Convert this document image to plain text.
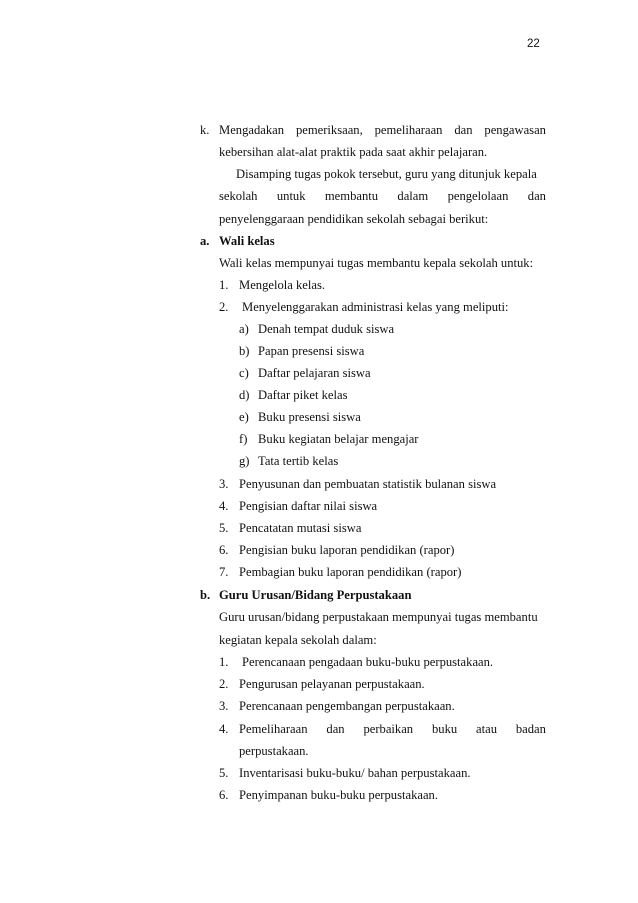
22
k. Mengadakan pemeriksaan, pemeliharaan dan pengawasan
kebersihan alat-alat praktik pada saat akhir pelajaran.
Disamping tugas pokok tersebut, guru yang ditunjuk kepala
sekolah untuk membantu dalam pengelolaan dan
penyelenggaraan pendidikan sekolah sebagai berikut:
a. Wali kelas
Wali kelas mempunyai tugas membantu kepala sekolah untuk:
1. Mengelola kelas.
2. Menyelenggarakan administrasi kelas yang meliputi:
a) Denah tempat duduk siswa
b) Papan presensi siswa
c) Daftar pelajaran siswa
d) Daftar piket kelas
e) Buku presensi siswa
f) Buku kegiatan belajar mengajar
g) Tata tertib kelas
3. Penyusunan dan pembuatan statistik bulanan siswa
4. Pengisian daftar nilai siswa
5. Pencatatan mutasi siswa
6. Pengisian buku laporan pendidikan (rapor)
7. Pembagian buku laporan pendidikan (rapor)
b. Guru Urusan/Bidang Perpustakaan
Guru urusan/bidang perpustakaan mempunyai tugas membantu
kegiatan kepala sekolah dalam:
1. Perencanaan pengadaan buku-buku perpustakaan.
2. Pengurusan pelayanan perpustakaan.
3. Perencanaan pengembangan perpustakaan.
4. Pemeliharaan dan perbaikan buku atau badan
perpustakaan.
5. Inventarisasi buku-buku/ bahan perpustakaan.
6. Penyimpanan buku-buku perpustakaan.
